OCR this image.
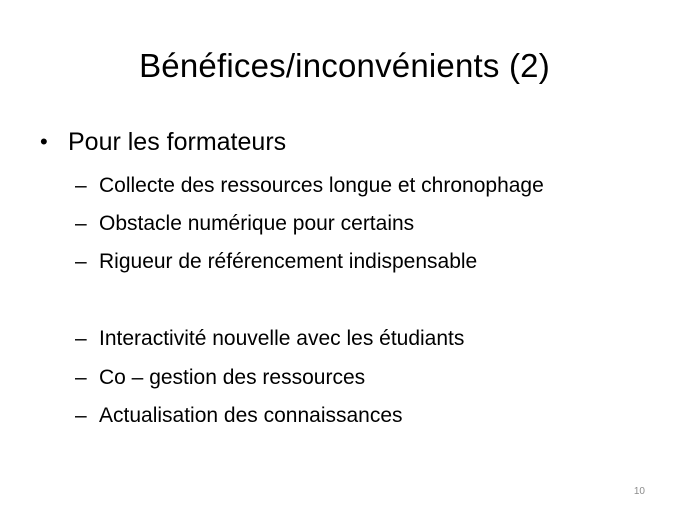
Bénéfices/inconvénients (2)
• Pour les formateurs
– Collecte des ressources longue et chronophage
– Obstacle numérique pour certains
– Rigueur de référencement indispensable
– Interactivité nouvelle avec les étudiants
– Co – gestion des ressources
– Actualisation des connaissances
10
